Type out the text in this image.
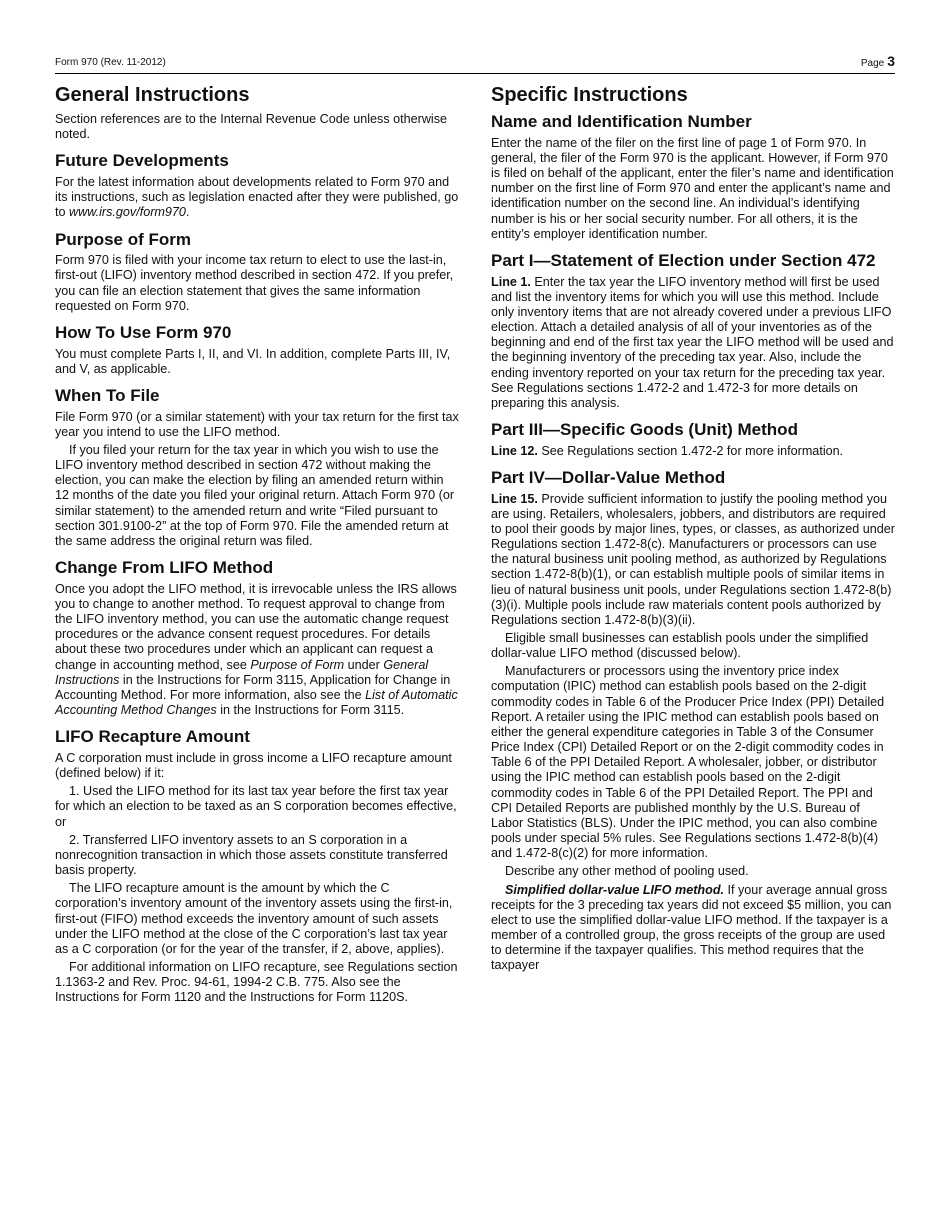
Form 970 (Rev. 11-2012)	Page 3
General Instructions

Section references are to the Internal Revenue Code unless otherwise noted.

Future Developments

For the latest information about developments related to Form 970 and its instructions, such as legislation enacted after they were published, go to www.irs.gov/form970.

Purpose of Form

Form 970 is filed with your income tax return to elect to use the last-in, first-out (LIFO) inventory method described in section 472. If you prefer, you can file an election statement that gives the same information requested on Form 970.

How To Use Form 970

You must complete Parts I, II, and VI. In addition, complete Parts III, IV, and V, as applicable.

When To File

File Form 970 (or a similar statement) with your tax return for the first tax year you intend to use the LIFO method.

If you filed your return for the tax year in which you wish to use the LIFO inventory method described in section 472 without making the election, you can make the election by filing an amended return within 12 months of the date you filed your original return. Attach Form 970 (or similar statement) to the amended return and write “Filed pursuant to section 301.9100-2” at the top of Form 970. File the amended return at the same address the original return was filed.

Change From LIFO Method

Once you adopt the LIFO method, it is irrevocable unless the IRS allows you to change to another method. To request approval to change from the LIFO inventory method, you can use the automatic change request procedures or the advance consent request procedures. For details about these two procedures under which an applicant can request a change in accounting method, see Purpose of Form under General Instructions in the Instructions for Form 3115, Application for Change in Accounting Method. For more information, also see the List of Automatic Accounting Method Changes in the Instructions for Form 3115.

LIFO Recapture Amount

A C corporation must include in gross income a LIFO recapture amount (defined below) if it:

1. Used the LIFO method for its last tax year before the first tax year for which an election to be taxed as an S corporation becomes effective, or

2. Transferred LIFO inventory assets to an S corporation in a nonrecognition transaction in which those assets constitute transferred basis property.

The LIFO recapture amount is the amount by which the C corporation’s inventory amount of the inventory assets using the first-in, first-out (FIFO) method exceeds the inventory amount of such assets under the LIFO method at the close of the C corporation’s last tax year as a C corporation (or for the year of the transfer, if 2, above, applies).

For additional information on LIFO recapture, see Regulations section 1.1363-2 and Rev. Proc. 94-61, 1994-2 C.B. 775. Also see the Instructions for Form 1120 and the Instructions for Form 1120S.

Specific Instructions
Name and Identification Number

Enter the name of the filer on the first line of page 1 of Form 970. In general, the filer of the Form 970 is the applicant. However, if Form 970 is filed on behalf of the applicant, enter the filer’s name and identification number on the first line of Form 970 and enter the applicant’s name and identification number on the second line. An individual’s identifying number is his or her social security number. For all others, it is the entity’s employer identification number.

Part I—Statement of Election under Section 472

Line 1. Enter the tax year the LIFO inventory method will first be used and list the inventory items for which you will use this method. Include only inventory items that are not already covered under a previous LIFO election. Attach a detailed analysis of all of your inventories as of the beginning and end of the first tax year the LIFO method will be used and the beginning inventory of the preceding tax year. Also, include the ending inventory reported on your tax return for the preceding tax year. See Regulations sections 1.472-2 and 1.472-3 for more details on preparing this analysis.

Part III—Specific Goods (Unit) Method

Line 12. See Regulations section 1.472-2 for more information.

Part IV—Dollar-Value Method

Line 15. Provide sufficient information to justify the pooling method you are using. Retailers, wholesalers, jobbers, and distributors are required to pool their goods by major lines, types, or classes, as authorized under Regulations section 1.472-8(c). Manufacturers or processors can use the natural business unit pooling method, as authorized by Regulations section 1.472-8(b)(1), or can establish multiple pools of similar items in lieu of natural business unit pools, under Regulations section 1.472-8(b)(3)(i). Multiple pools include raw materials content pools authorized by Regulations section 1.472-8(b)(3)(ii).

Eligible small businesses can establish pools under the simplified dollar-value LIFO method (discussed below).

Manufacturers or processors using the inventory price index computation (IPIC) method can establish pools based on the 2-digit commodity codes in Table 6 of the Producer Price Index (PPI) Detailed Report. A retailer using the IPIC method can establish pools based on either the general expenditure categories in Table 3 of the Consumer Price Index (CPI) Detailed Report or on the 2-digit commodity codes in Table 6 of the PPI Detailed Report. A wholesaler, jobber, or distributor using the IPIC method can establish pools based on the 2-digit commodity codes in Table 6 of the PPI Detailed Report. The PPI and CPI Detailed Reports are published monthly by the U.S. Bureau of Labor Statistics (BLS). Under the IPIC method, you can also combine pools under special 5% rules. See Regulations sections 1.472-8(b)(4) and 1.472-8(c)(2) for more information.

Describe any other method of pooling used.

Simplified dollar-value LIFO method. If your average annual gross receipts for the 3 preceding tax years did not exceed $5 million, you can elect to use the simplified dollar-value LIFO method. If the taxpayer is a member of a controlled group, the gross receipts of the group are used to determine if the taxpayer qualifies. This method requires that the taxpayer
